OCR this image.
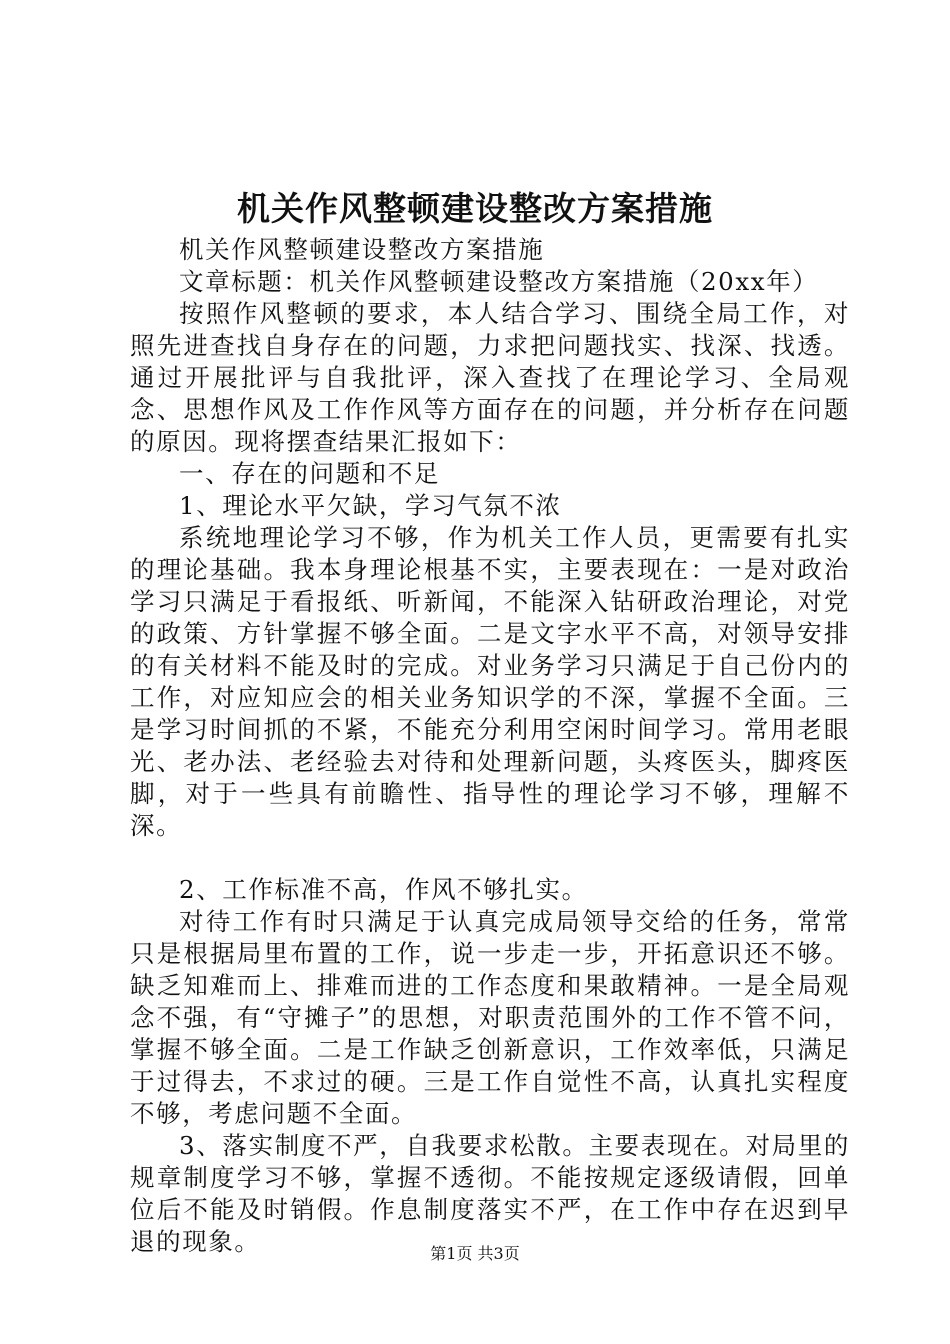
机关作风整顿建设整改方案措施

机关作风整顿建设整改方案措施

文章标题：机关作风整顿建设整改方案措施（20xx年）

按照作风整顿的要求，本人结合学习、围绕全局工作，对照先进查找自身存在的问题，力求把问题找实、找深、找透。通过开展批评与自我批评，深入查找了在理论学习、全局观念、思想作风及工作作风等方面存在的问题，并分析存在问题的原因。现将摆查结果汇报如下：

一、存在的问题和不足

1、理论水平欠缺，学习气氛不浓

系统地理论学习不够，作为机关工作人员，更需要有扎实的理论基础。我本身理论根基不实，主要表现在：一是对政治学习只满足于看报纸、听新闻，不能深入钻研政治理论，对党的政策、方针掌握不够全面。二是文字水平不高，对领导安排的有关材料不能及时的完成。对业务学习只满足于自己份内的工作，对应知应会的相关业务知识学的不深，掌握不全面。三是学习时间抓的不紧，不能充分利用空闲时间学习。常用老眼光、老办法、老经验去对待和处理新问题，头疼医头，脚疼医脚，对于一些具有前瞻性、指导性的理论学习不够，理解不深。

2、工作标准不高，作风不够扎实。

对待工作有时只满足于认真完成局领导交给的任务，常常只是根据局里布置的工作，说一步走一步，开拓意识还不够。缺乏知难而上、排难而进的工作态度和果敢精神。一是全局观念不强，有“守摊子”的思想，对职责范围外的工作不管不问，掌握不够全面。二是工作缺乏创新意识，工作效率低，只满足于过得去，不求过的硬。三是工作自觉性不高，认真扎实程度不够，考虑问题不全面。

3、落实制度不严，自我要求松散。主要表现在。对局里的规章制度学习不够，掌握不透彻。不能按规定逐级请假，回单位后不能及时销假。作息制度落实不严，在工作中存在迟到早退的现象。	第1页 共3页
